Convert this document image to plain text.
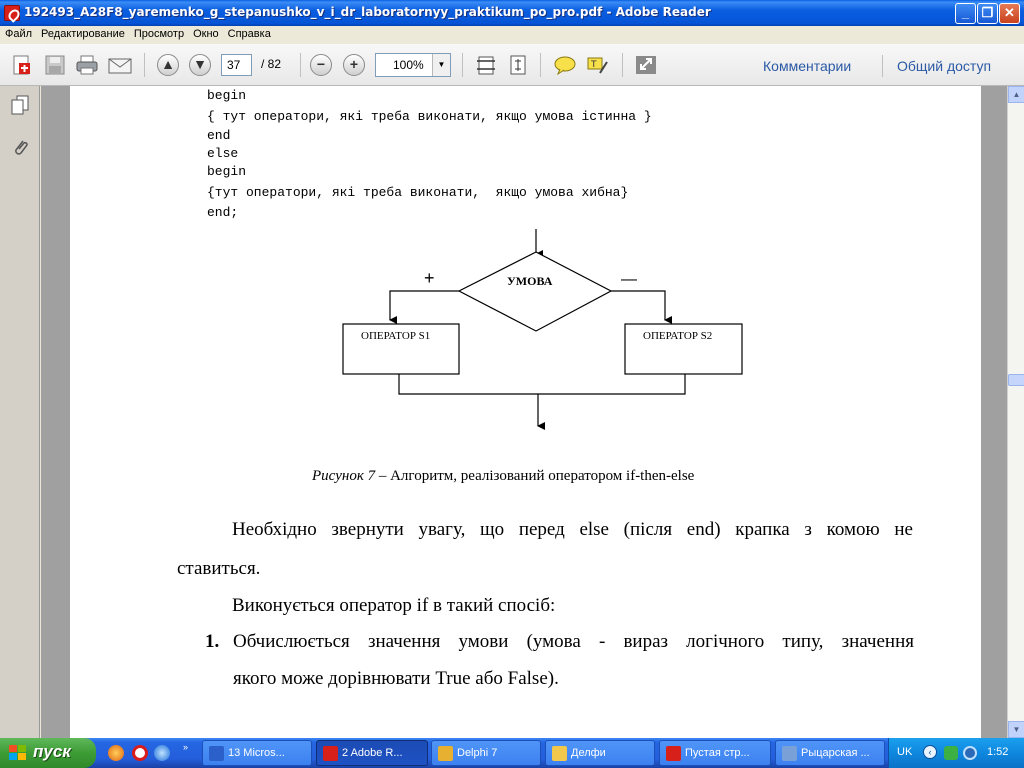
192493_A28F8_yaremenko_g_stepanushko_v_i_dr_laboratornyy_praktikum_po_pro.pdf - Adobe Reader	_ ❐ ✕
Файл Редактирование Просмотр Окно Справка
▲ ▼	37	/ 82	−	+	100%	▼	T	Комментарии	Общий доступ
begin
{ тут оператори, які треба виконати, якщо умова істинна }
end
else
begin
{тут оператори, які треба виконати,  якщо умова хибна}
end;
УМОВА
+	—
ОПЕРАТОР S1	ОПЕРАТОР S2
Рисунок 7 – Алгоритм, реалізований оператором if-then-else
Необхідно звернути увагу, що перед else (після end) крапка з комою не
ставиться.
Виконується оператор if в такий спосіб:
1. Обчислюється значення умови (умова - вираз логічного типу, значення
якого може дорівнювати True або False).
▲
▼
пуск	»	13 Micros...	2 Adobe R...	Delphi 7	Делфи	Пустая стр...	Рыцарская ...	UK	‹	1:52
